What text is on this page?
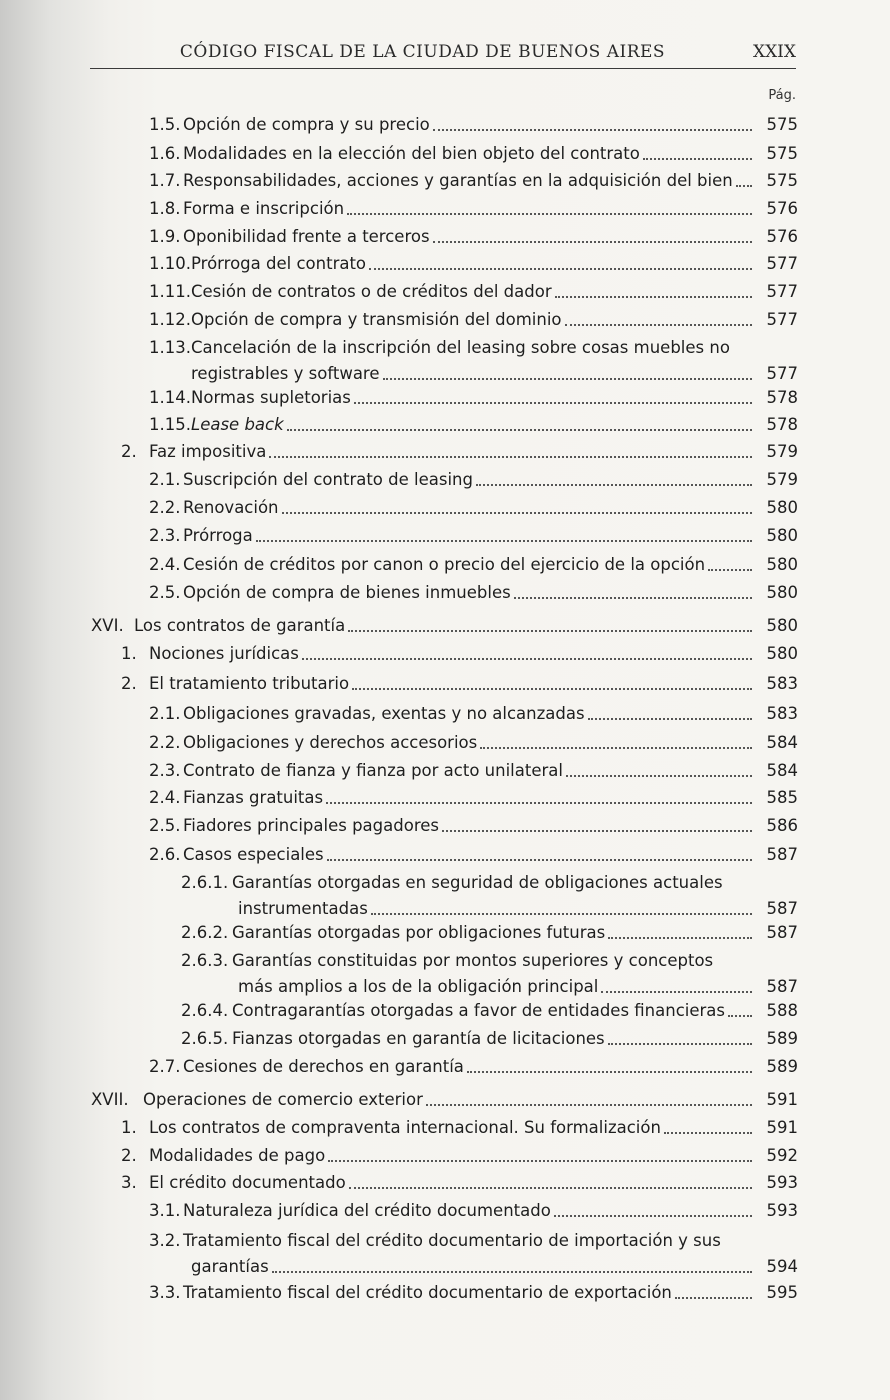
CÓDIGO FISCAL DE LA CIUDAD DE BUENOS AIRES	XXIX
Pág.
1.5. Opción de compra y su precio	575
1.6. Modalidades en la elección del bien objeto del contrato	575
1.7. Responsabilidades, acciones y garantías en la adquisición del bien	575
1.8. Forma e inscripción	576
1.9. Oponibilidad frente a terceros	576
1.10. Prórroga del contrato	577
1.11. Cesión de contratos o de créditos del dador	577
1.12. Opción de compra y transmisión del dominio	577
1.13. Cancelación de la inscripción del leasing sobre cosas muebles no
registrables y software	577
1.14. Normas supletorias	578
1.15. Lease back	578
2. Faz impositiva	579
2.1. Suscripción del contrato de leasing	579
2.2. Renovación	580
2.3. Prórroga	580
2.4. Cesión de créditos por canon o precio del ejercicio de la opción	580
2.5. Opción de compra de bienes inmuebles	580
XVI. Los contratos de garantía	580
1. Nociones jurídicas	580
2. El tratamiento tributario	583
2.1. Obligaciones gravadas, exentas y no alcanzadas	583
2.2. Obligaciones y derechos accesorios	584
2.3. Contrato de fianza y fianza por acto unilateral	584
2.4. Fianzas gratuitas	585
2.5. Fiadores principales pagadores	586
2.6. Casos especiales	587
2.6.1. Garantías otorgadas en seguridad de obligaciones actuales
instrumentadas	587
2.6.2. Garantías otorgadas por obligaciones futuras	587
2.6.3. Garantías constituidas por montos superiores y conceptos
más amplios a los de la obligación principal	587
2.6.4. Contragarantías otorgadas a favor de entidades financieras	588
2.6.5. Fianzas otorgadas en garantía de licitaciones	589
2.7. Cesiones de derechos en garantía	589
XVII. Operaciones de comercio exterior	591
1. Los contratos de compraventa internacional. Su formalización	591
2. Modalidades de pago	592
3. El crédito documentado	593
3.1. Naturaleza jurídica del crédito documentado	593
3.2. Tratamiento fiscal del crédito documentario de importación y sus
garantías	594
3.3. Tratamiento fiscal del crédito documentario de exportación	595
